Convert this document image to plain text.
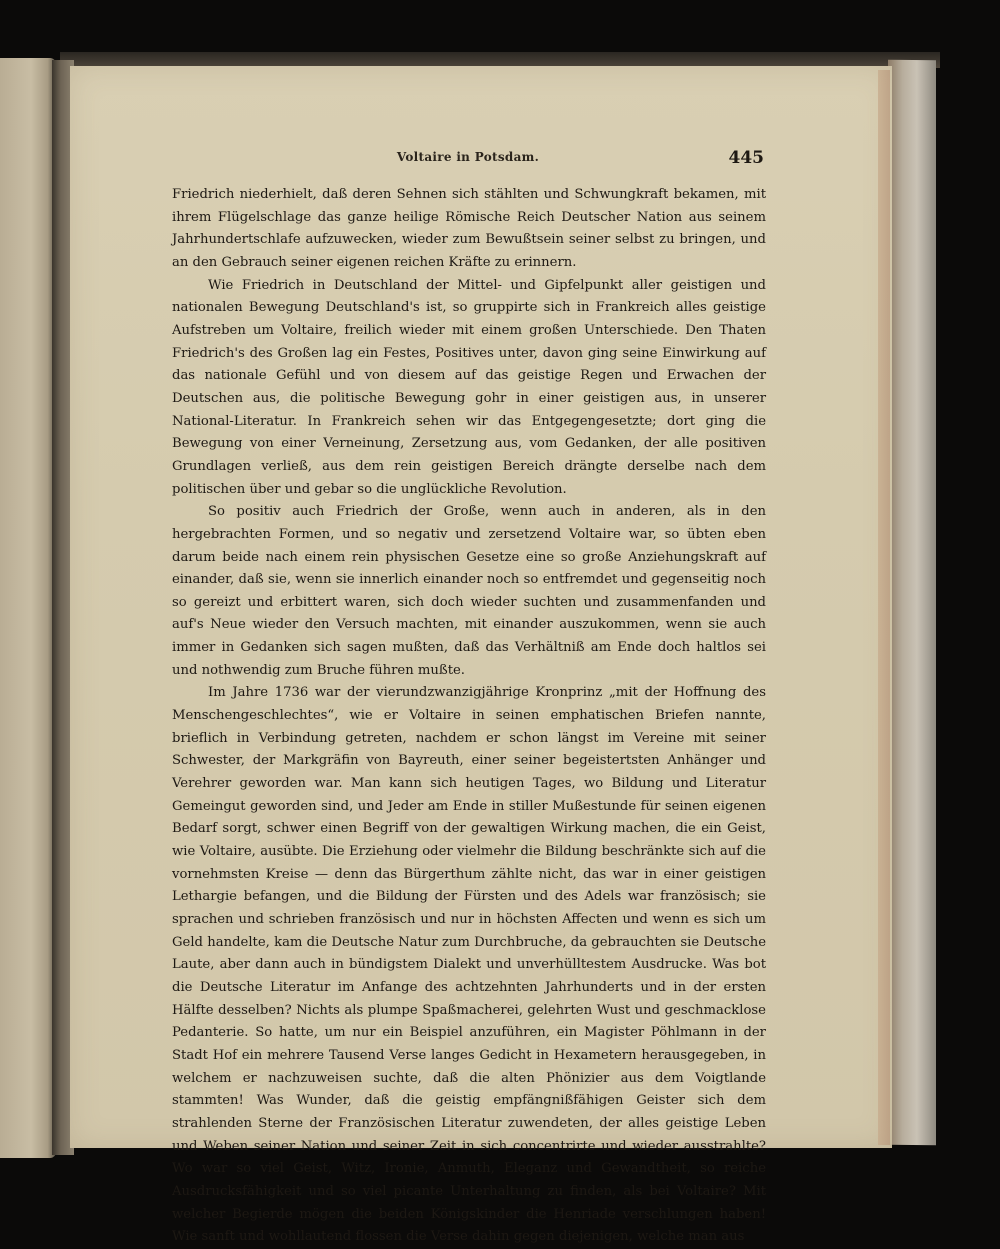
Voltaire in Potsdam.	445

Friedrich niederhielt, daß deren Sehnen sich stählten und Schwungkraft bekamen, mit ihrem Flügelschlage das ganze heilige Römische Reich Deutscher Nation aus seinem Jahrhundertschlafe aufzuwecken, wieder zum Bewußtsein seiner selbst zu bringen, und an den Gebrauch seiner eigenen reichen Kräfte zu erinnern.

Wie Friedrich in Deutschland der Mittel- und Gipfelpunkt aller geistigen und nationalen Bewegung Deutschland's ist, so gruppirte sich in Frankreich alles geistige Aufstreben um Voltaire, freilich wieder mit einem großen Unterschiede. Den Thaten Friedrich's des Großen lag ein Festes, Positives unter, davon ging seine Einwirkung auf das nationale Gefühl und von diesem auf das geistige Regen und Erwachen der Deutschen aus, die politische Bewegung gohr in einer geistigen aus, in unserer National-Literatur. In Frankreich sehen wir das Entgegengesetzte; dort ging die Bewegung von einer Verneinung, Zersetzung aus, vom Gedanken, der alle positiven Grundlagen verließ, aus dem rein geistigen Bereich drängte derselbe nach dem politischen über und gebar so die unglückliche Revolution.

So positiv auch Friedrich der Große, wenn auch in anderen, als in den hergebrachten Formen, und so negativ und zersetzend Voltaire war, so übten eben darum beide nach einem rein physischen Gesetze eine so große Anziehungskraft auf einander, daß sie, wenn sie innerlich einander noch so entfremdet und gegenseitig noch so gereizt und erbittert waren, sich doch wieder suchten und zusammenfanden und auf's Neue wieder den Versuch machten, mit einander auszukommen, wenn sie auch immer in Gedanken sich sagen mußten, daß das Verhältniß am Ende doch haltlos sei und nothwendig zum Bruche führen mußte.

Im Jahre 1736 war der vierundzwanzigjährige Kronprinz „mit der Hoffnung des Menschengeschlechtes“, wie er Voltaire in seinen emphatischen Briefen nannte, brieflich in Verbindung getreten, nachdem er schon längst im Vereine mit seiner Schwester, der Markgräfin von Bayreuth, einer seiner begeistertsten Anhänger und Verehrer geworden war. Man kann sich heutigen Tages, wo Bildung und Literatur Gemeingut geworden sind, und Jeder am Ende in stiller Mußestunde für seinen eigenen Bedarf sorgt, schwer einen Begriff von der gewaltigen Wirkung machen, die ein Geist, wie Voltaire, ausübte. Die Erziehung oder vielmehr die Bildung beschränkte sich auf die vornehmsten Kreise — denn das Bürgerthum zählte nicht, das war in einer geistigen Lethargie befangen, und die Bildung der Fürsten und des Adels war französisch; sie sprachen und schrieben französisch und nur in höchsten Affecten und wenn es sich um Geld handelte, kam die Deutsche Natur zum Durchbruche, da gebrauchten sie Deutsche Laute, aber dann auch in bündigstem Dialekt und unverhülltestem Ausdrucke. Was bot die Deutsche Literatur im Anfange des achtzehnten Jahrhunderts und in der ersten Hälfte desselben? Nichts als plumpe Spaßmacherei, gelehrten Wust und geschmacklose Pedanterie. So hatte, um nur ein Beispiel anzuführen, ein Magister Pöhlmann in der Stadt Hof ein mehrere Tausend Verse langes Gedicht in Hexametern herausgegeben, in welchem er nachzuweisen suchte, daß die alten Phönizier aus dem Voigtlande stammten! Was Wunder, daß die geistig empfängnißfähigen Geister sich dem strahlenden Sterne der Französischen Literatur zuwendeten, der alles geistige Leben und Weben seiner Nation und seiner Zeit in sich concentrirte und wieder ausstrahlte? Wo war so viel Geist, Witz, Ironie, Anmuth, Eleganz und Gewandtheit, so reiche Ausdrucksfähigkeit und so viel picante Unterhaltung zu finden, als bei Voltaire? Mit welcher Begierde mögen die beiden Königskinder die Henriade verschlungen haben! Wie sanft und wohllautend flossen die Verse dahin gegen diejenigen, welche man aus
